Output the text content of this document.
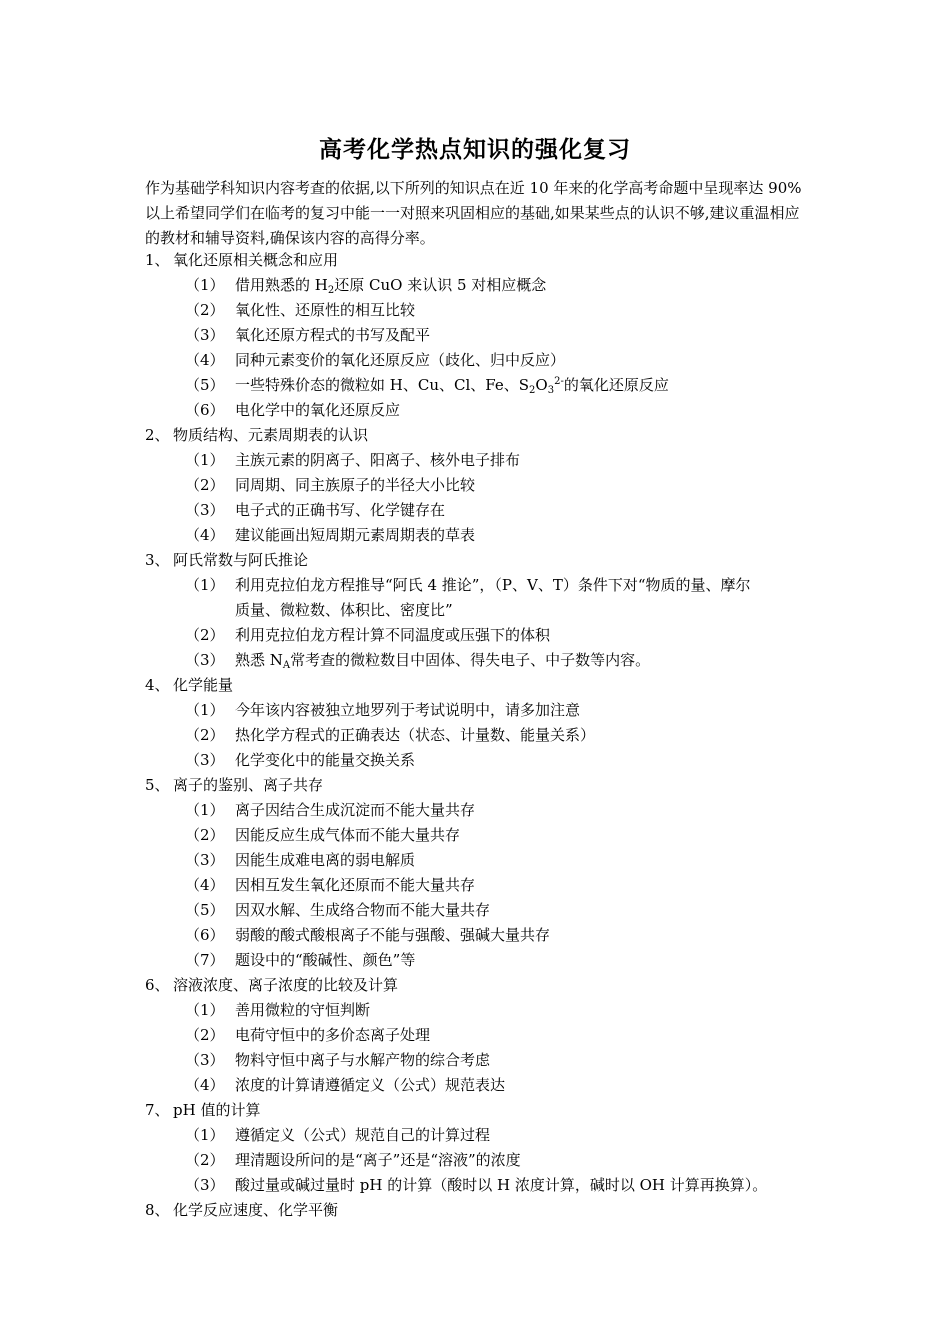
高考化学热点知识的强化复习
作为基础学科知识内容考查的依据,以下所列的知识点在近 10 年来的化学高考命题中呈现率达 90%以上希望同学们在临考的复习中能一一对照来巩固相应的基础,如果某些点的认识不够,建议重温相应的教材和辅导资料,确保该内容的高得分率。
1、 氧化还原相关概念和应用
（1） 借用熟悉的 $H_2$还原 CuO 来认识 5 对相应概念
（2） 氧化性、还原性的相互比较
（3） 氧化还原方程式的书写及配平
（4） 同种元素变价的氧化还原反应（歧化、归中反应）
（5） 一些特殊价态的微粒如 H、Cu、Cl、Fe、$S_2O_3^{2-}$的氧化还原反应
（6） 电化学中的氧化还原反应
2、 物质结构、元素周期表的认识
（1） 主族元素的阴离子、阳离子、核外电子排布
（2） 同周期、同主族原子的半径大小比较
（3） 电子式的正确书写、化学键存在
（4） 建议能画出短周期元素周期表的草表
3、 阿氏常数与阿氏推论
（1） 利用克拉伯龙方程推导“阿氏 4 推论”，（P、V、T）条件下对“物质的量、摩尔
质量、微粒数、体积比、密度比”
（2） 利用克拉伯龙方程计算不同温度或压强下的体积
（3） 熟悉 $N_A$常考查的微粒数目中固体、得失电子、中子数等内容。
4、 化学能量
（1） 今年该内容被独立地罗列于考试说明中，请多加注意
（2） 热化学方程式的正确表达（状态、计量数、能量关系）
（3） 化学变化中的能量交换关系
5、 离子的鉴别、离子共存
（1） 离子因结合生成沉淀而不能大量共存
（2） 因能反应生成气体而不能大量共存
（3） 因能生成难电离的弱电解质
（4） 因相互发生氧化还原而不能大量共存
（5） 因双水解、生成络合物而不能大量共存
（6） 弱酸的酸式酸根离子不能与强酸、强碱大量共存
（7） 题设中的“酸碱性、颜色”等
6、 溶液浓度、离子浓度的比较及计算
（1） 善用微粒的守恒判断
（2） 电荷守恒中的多价态离子处理
（3） 物料守恒中离子与水解产物的综合考虑
（4） 浓度的计算请遵循定义（公式）规范表达
7、 pH 值的计算
（1） 遵循定义（公式）规范自己的计算过程
（2） 理清题设所问的是“离子”还是“溶液”的浓度
（3） 酸过量或碱过量时 pH 的计算（酸时以 H 浓度计算，碱时以 OH 计算再换算）。
8、 化学反应速度、化学平衡
